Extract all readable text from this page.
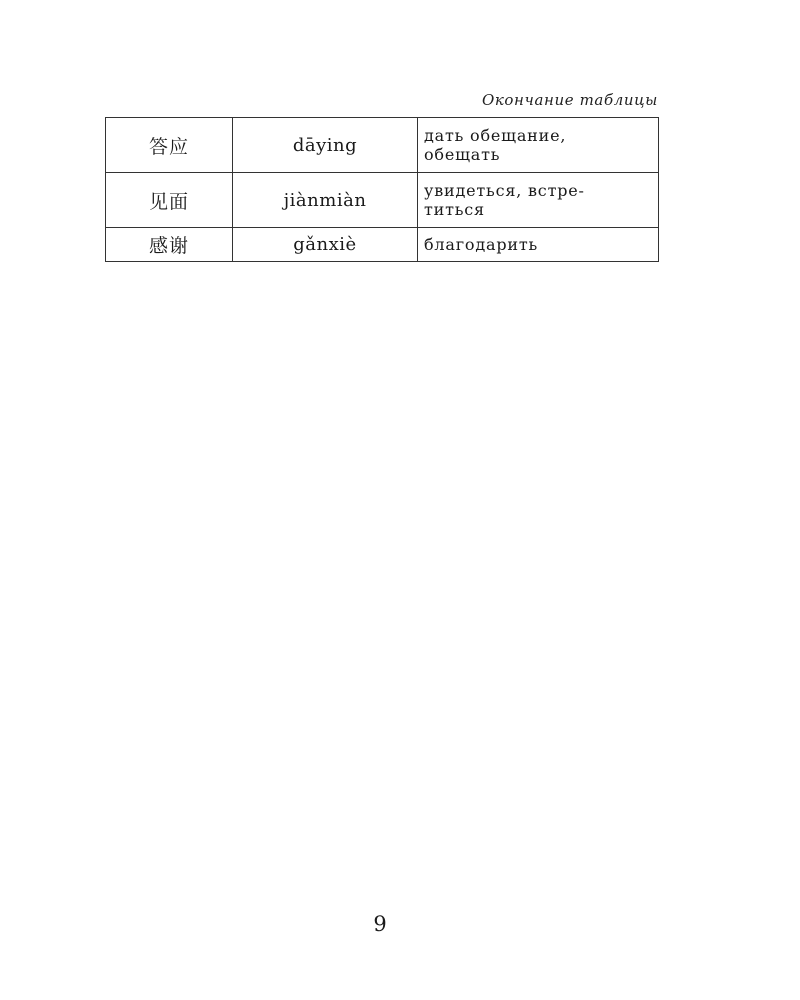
Окончание таблицы
答应	dāying	дать обещание,
обещать
见面	jiànmiàn	увидеться, встре-
титься
感谢	gǎnxiè	благодарить
9
